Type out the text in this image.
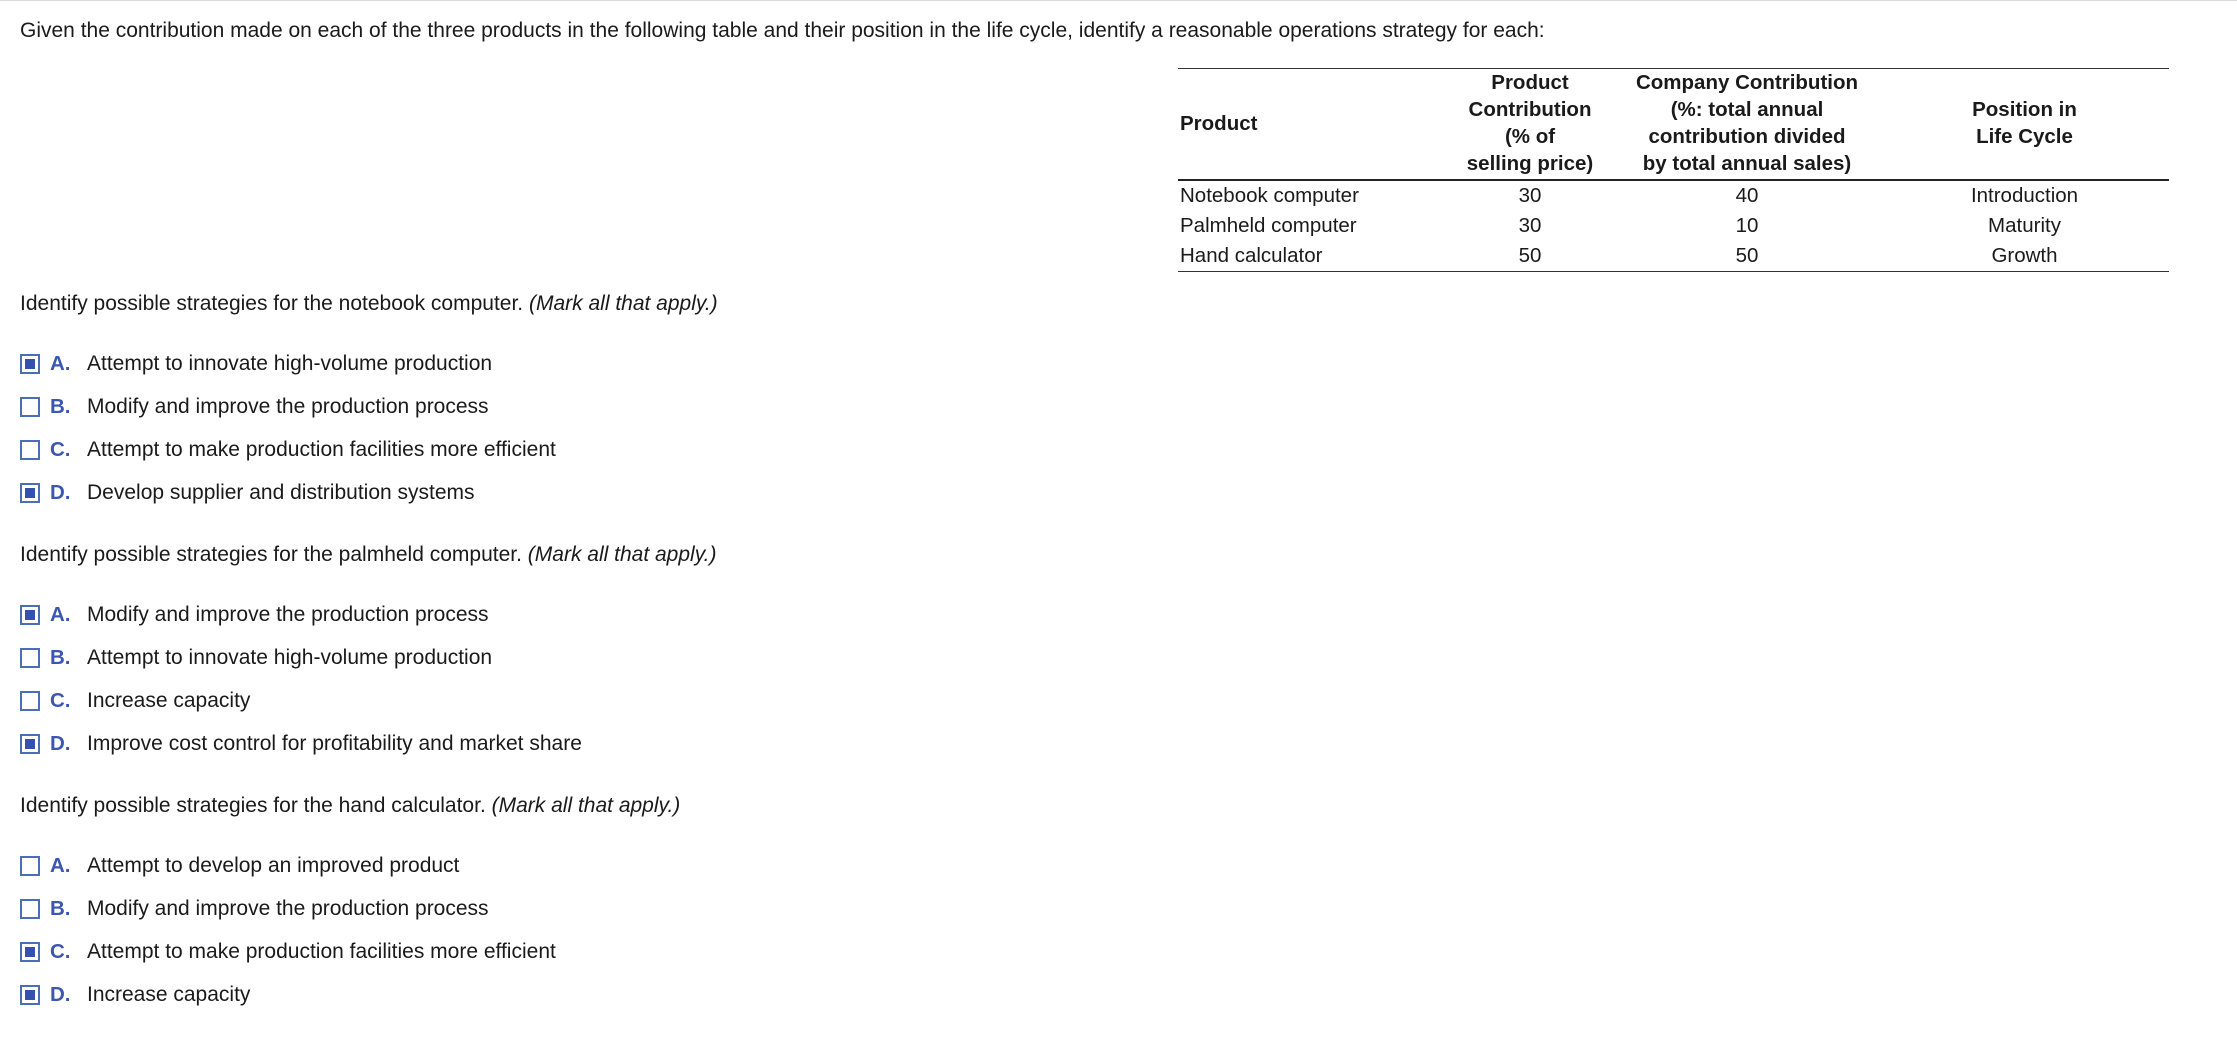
Given the contribution made on each of the three products in the following table and their position in the life cycle, identify a reasonable operations strategy for each:

Product	Product
Contribution
(% of
selling price)	Company Contribution
(%: total annual
contribution divided
by total annual sales)	Position in
Life Cycle
Notebook computer	30	40	Introduction
Palmheld computer	30	10	Maturity
Hand calculator	50	50	Growth
Identify possible strategies for the notebook computer. (Mark all that apply.)
A. Attempt to innovate high-volume production
B. Modify and improve the production process
C. Attempt to make production facilities more efficient
D. Develop supplier and distribution systems
Identify possible strategies for the palmheld computer. (Mark all that apply.)
A. Modify and improve the production process
B. Attempt to innovate high-volume production
C. Increase capacity
D. Improve cost control for profitability and market share
Identify possible strategies for the hand calculator. (Mark all that apply.)
A. Attempt to develop an improved product
B. Modify and improve the production process
C. Attempt to make production facilities more efficient
D. Increase capacity
